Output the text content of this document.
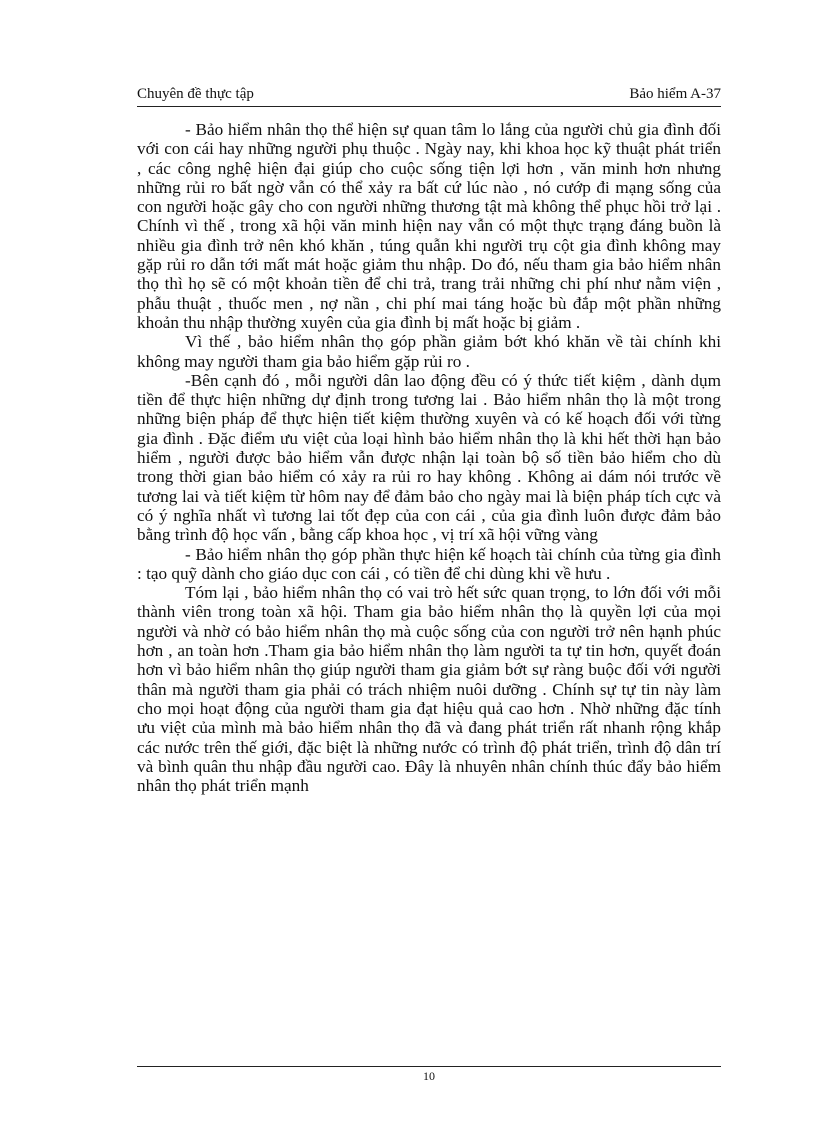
Chuyên đề thực tập	Bảo hiểm A-37

- Bảo hiểm nhân thọ thể hiện sự quan tâm lo lắng của người chủ gia đình đối với con cái hay những người phụ thuộc . Ngày nay, khi khoa học kỹ thuật phát triển , các công nghệ hiện đại giúp cho cuộc sống tiện lợi hơn , văn minh hơn nhưng những rủi ro bất ngờ vẫn có thể xảy ra bất cứ lúc nào , nó cướp đi mạng sống của con người hoặc gây cho con người những thương tật mà không thể phục hồi trở lại . Chính vì thế , trong xã hội văn minh hiện nay vẫn có một thực trạng đáng buồn là nhiều gia đình trở nên khó khăn , túng quẫn khi người trụ cột gia đình không may gặp rủi ro dẫn tới mất mát hoặc giảm thu nhập. Do đó, nếu tham gia bảo hiểm nhân thọ thì họ sẽ có một khoản tiền để chi trả, trang trải những chi phí như nằm viện , phẫu thuật , thuốc men , nợ nần , chi phí mai táng hoặc bù đắp một phần những khoản thu nhập thường xuyên của gia đình bị mất hoặc bị giảm .

Vì thế , bảo hiểm nhân thọ góp phần giảm bớt khó khăn về tài chính khi không may người tham gia bảo hiểm gặp rủi ro .

-Bên cạnh đó , mỗi người dân lao động đều có ý thức tiết kiệm , dành dụm tiền để thực hiện những dự định trong tương lai . Bảo hiểm nhân thọ là một trong những biện pháp để thực hiện tiết kiệm thường xuyên và có kế hoạch đối với từng gia đình . Đặc điểm ưu việt của loại hình bảo hiểm nhân thọ là khi hết thời hạn bảo hiểm , người được bảo hiểm vẫn được nhận lại toàn bộ số tiền bảo hiểm cho dù trong thời gian bảo hiểm có xảy ra rủi ro hay không . Không ai dám nói trước về tương lai và tiết kiệm từ hôm nay để đảm bảo cho ngày mai là biện pháp tích cực và có ý nghĩa nhất vì tương lai tốt đẹp của con cái , của gia đình luôn được đảm bảo bằng trình độ học vấn , bằng cấp khoa học , vị trí xã hội vững vàng

- Bảo hiểm nhân thọ góp phần thực hiện kế hoạch tài chính của từng gia đình : tạo quỹ dành cho giáo dục con cái , có tiền để chi dùng khi về hưu .

Tóm lại , bảo hiểm nhân thọ có vai trò hết sức quan trọng, to lớn đối với mỗi thành viên trong toàn xã hội. Tham gia bảo hiểm nhân thọ là quyền lợi của mọi người và nhờ có bảo hiểm nhân thọ mà cuộc sống của con người trở nên hạnh phúc hơn , an toàn hơn .Tham gia bảo hiểm nhân thọ làm người ta tự tin hơn, quyết đoán hơn vì bảo hiểm nhân thọ giúp người tham gia giảm bớt sự ràng buộc đối với người thân mà người tham gia phải có trách nhiệm nuôi dưỡng . Chính sự tự tin này làm cho mọi hoạt động của người tham gia đạt hiệu quả cao hơn . Nhờ những đặc tính ưu việt của mình mà bảo hiểm nhân thọ đã và đang phát triển rất nhanh rộng khắp các nước trên thế giới, đặc biệt là những nước có trình độ phát triển, trình độ dân trí và bình quân thu nhập đầu người cao. Đây là nhuyên nhân chính thúc đẩy bảo hiểm nhân thọ phát triển mạnh

10
